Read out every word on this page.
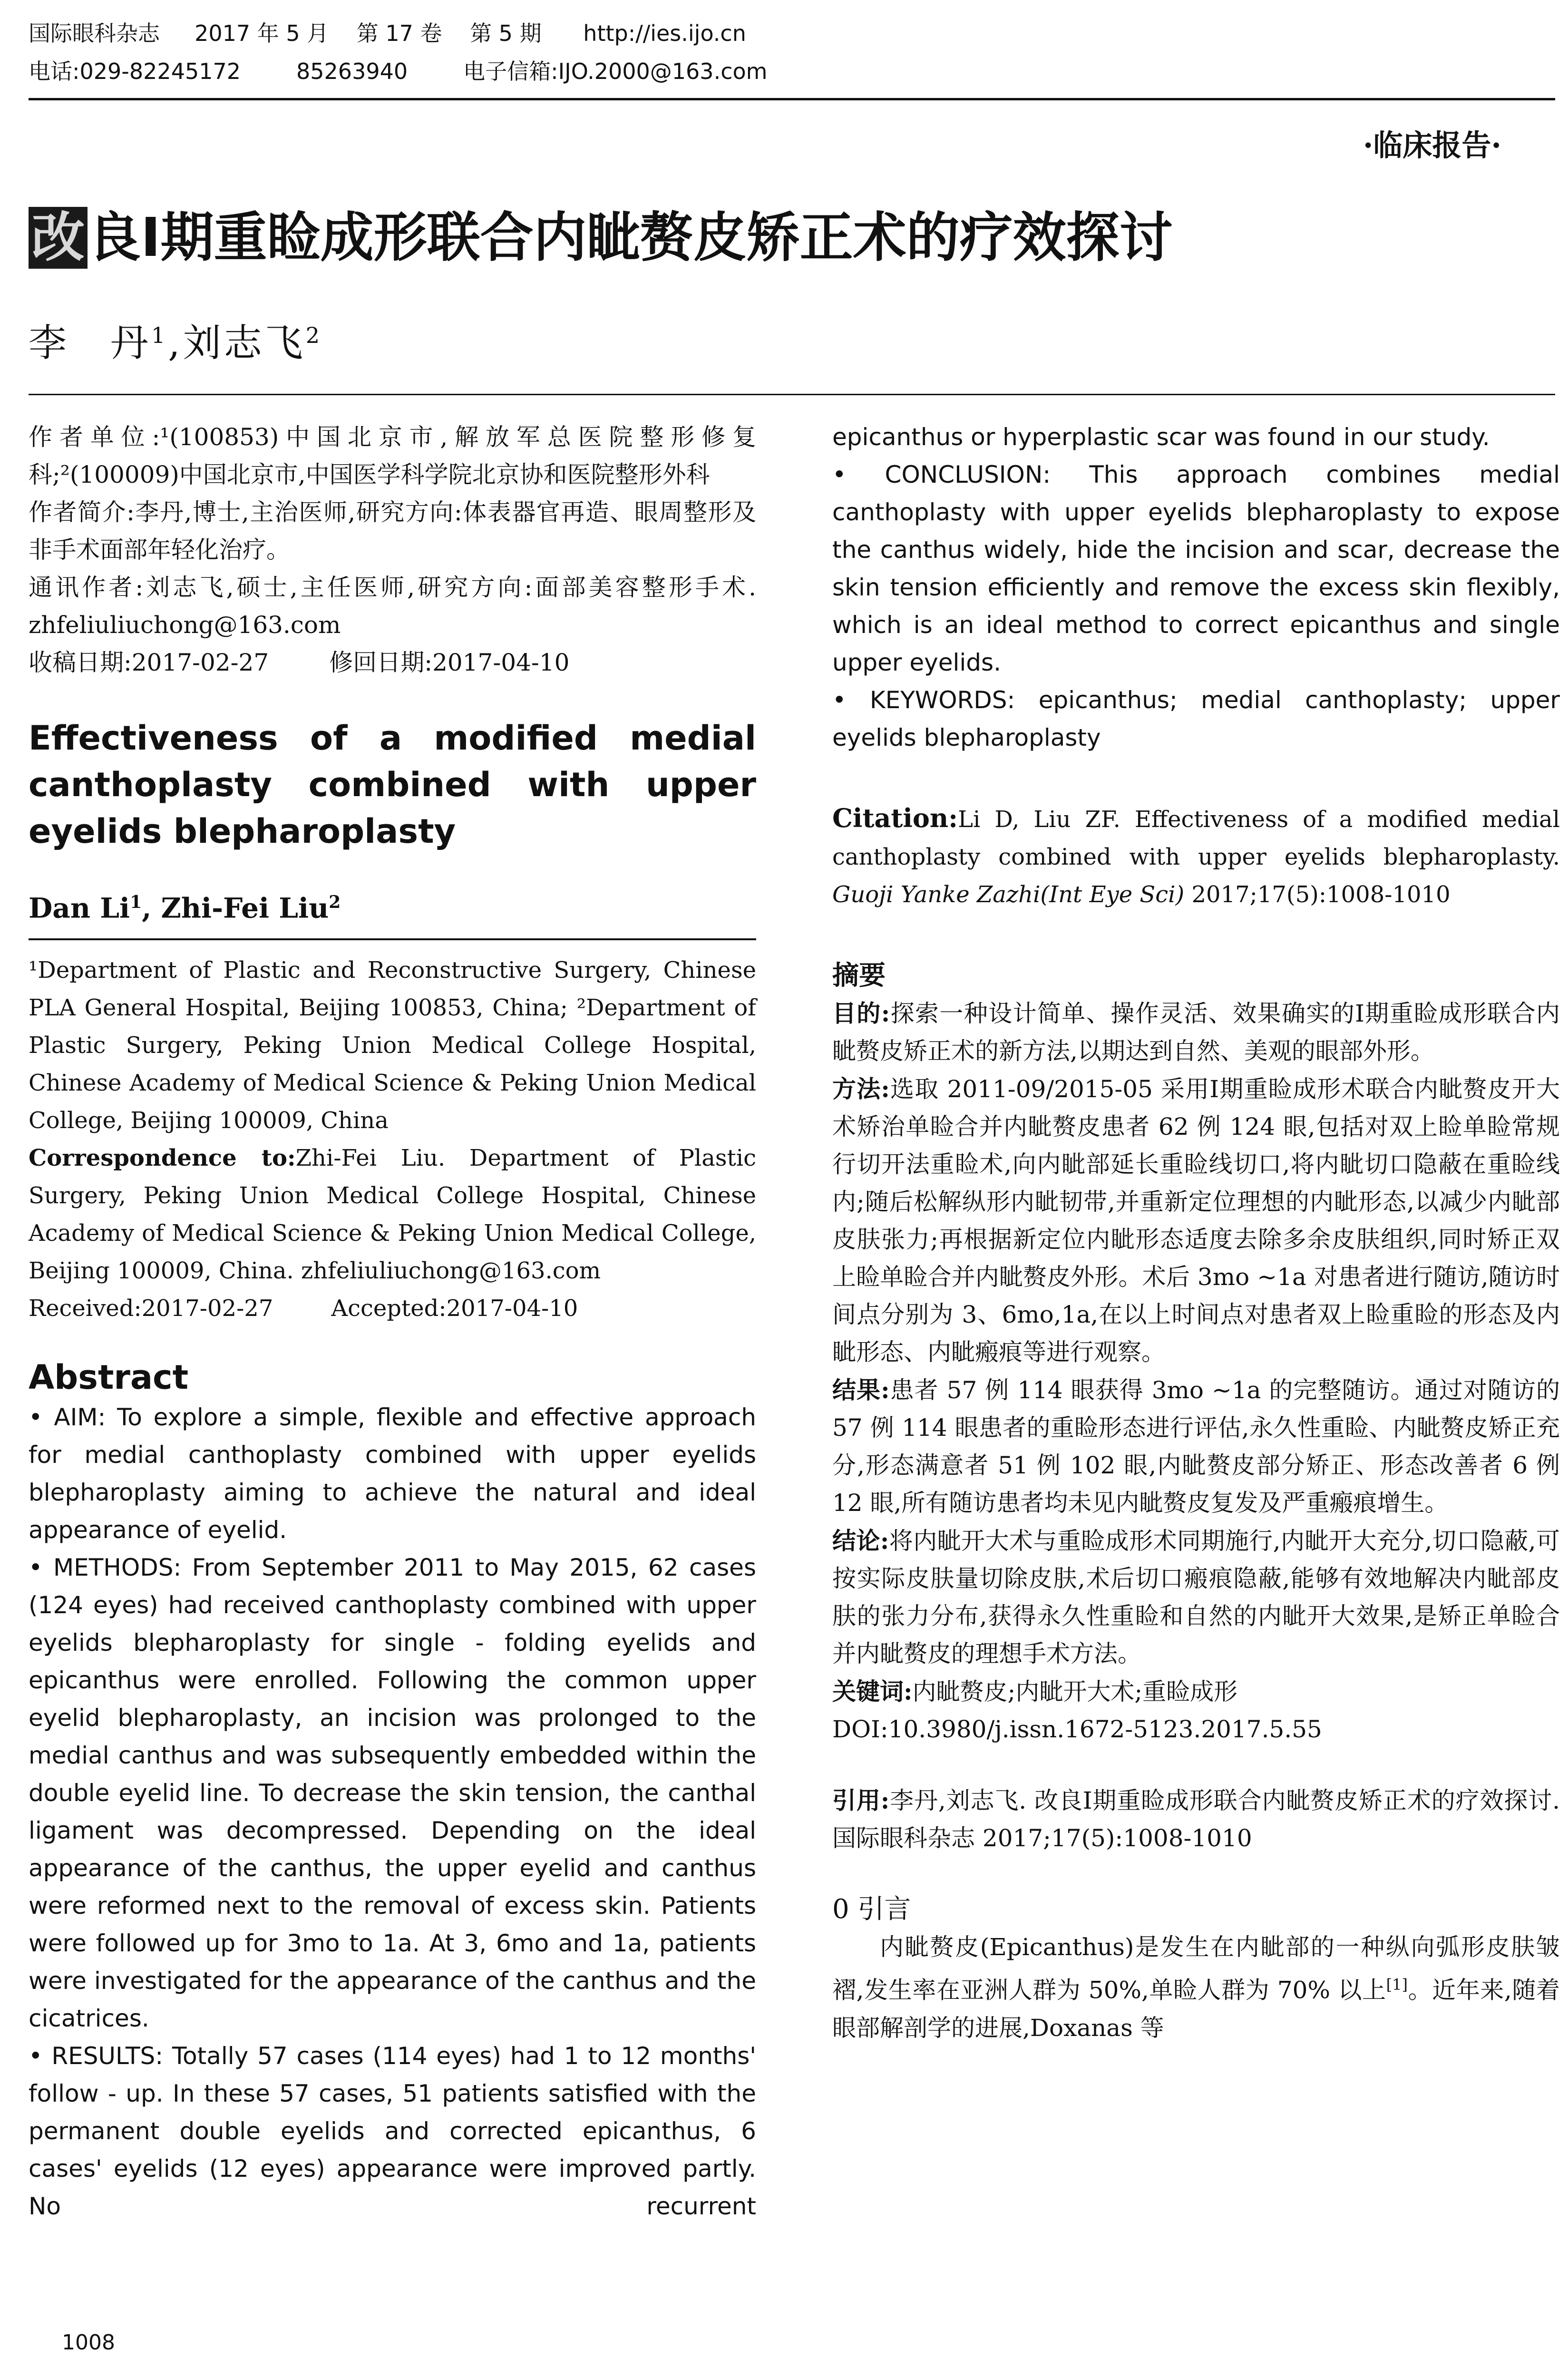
国际眼科杂志     2017 年 5 月    第 17 卷    第 5 期      http://ies.ijo.cn
电话:029-82245172        85263940        电子信箱:IJO.2000@163.com
·临床报告·
改良Ⅰ期重睑成形联合内眦赘皮矫正术的疗效探讨
李　丹$^1$,刘志飞$^2$

作者单位:¹(100853)中国北京市,解放军总医院整形修复科;²(100009)中国北京市,中国医学科学院北京协和医院整形外科

作者简介:李丹,博士,主治医师,研究方向:体表器官再造、眼周整形及非手术面部年轻化治疗。

通讯作者:刘志飞,硕士,主任医师,研究方向:面部美容整形手术. zhfeliuliuchong@163.com

收稿日期:2017-02-27        修回日期:2017-04-10

Effectiveness of a modified medial
canthoplasty combined with upper
eyelids blepharoplasty

Dan Li$^1$, Zhi-Fei Liu$^2$

¹Department of Plastic and Reconstructive Surgery, Chinese PLA General Hospital, Beijing 100853, China; ²Department of Plastic Surgery, Peking Union Medical College Hospital, Chinese Academy of Medical Science & Peking Union Medical College, Beijing 100009, China

Correspondence to:Zhi-Fei Liu. Department of Plastic Surgery, Peking Union Medical College Hospital, Chinese Academy of Medical Science & Peking Union Medical College, Beijing 100009, China. zhfeliuliuchong@163.com

Received:2017-02-27        Accepted:2017-04-10

Abstract

• AIM: To explore a simple, flexible and effective approach for medial canthoplasty combined with upper eyelids blepharoplasty aiming to achieve the natural and ideal appearance of eyelid.

• METHODS: From September 2011 to May 2015, 62 cases (124 eyes) had received canthoplasty combined with upper eyelids blepharoplasty for single - folding eyelids and epicanthus were enrolled. Following the common upper eyelid blepharoplasty, an incision was prolonged to the medial canthus and was subsequently embedded within the double eyelid line. To decrease the skin tension, the canthal ligament was decompressed. Depending on the ideal appearance of the canthus, the upper eyelid and canthus were reformed next to the removal of excess skin. Patients were followed up for 3mo to 1a. At 3, 6mo and 1a, patients were investigated for the appearance of the canthus and the cicatrices.

• RESULTS: Totally 57 cases (114 eyes) had 1 to 12 months' follow - up. In these 57 cases, 51 patients satisfied with the permanent double eyelids and corrected epicanthus, 6 cases' eyelids (12 eyes) appearance were improved partly. No recurrent

1008

epicanthus or hyperplastic scar was found in our study.

• CONCLUSION: This approach combines medial canthoplasty with upper eyelids blepharoplasty to expose the canthus widely, hide the incision and scar, decrease the skin tension efficiently and remove the excess skin flexibly, which is an ideal method to correct epicanthus and single upper eyelids.

• KEYWORDS: epicanthus; medial canthoplasty; upper eyelids blepharoplasty

Citation:Li D, Liu ZF. Effectiveness of a modified medial canthoplasty combined with upper eyelids blepharoplasty. Guoji Yanke Zazhi(Int Eye Sci) 2017;17(5):1008-1010

摘要

目的:探索一种设计简单、操作灵活、效果确实的Ⅰ期重睑成形联合内眦赘皮矫正术的新方法,以期达到自然、美观的眼部外形。

方法:选取 2011-09/2015-05 采用Ⅰ期重睑成形术联合内眦赘皮开大术矫治单睑合并内眦赘皮患者 62 例 124 眼,包括对双上睑单睑常规行切开法重睑术,向内眦部延长重睑线切口,将内眦切口隐蔽在重睑线内;随后松解纵形内眦韧带,并重新定位理想的内眦形态,以减少内眦部皮肤张力;再根据新定位内眦形态适度去除多余皮肤组织,同时矫正双上睑单睑合并内眦赘皮外形。术后 3mo ~1a 对患者进行随访,随访时间点分别为 3、6mo,1a,在以上时间点对患者双上睑重睑的形态及内眦形态、内眦瘢痕等进行观察。

结果:患者 57 例 114 眼获得 3mo ~1a 的完整随访。通过对随访的 57 例 114 眼患者的重睑形态进行评估,永久性重睑、内眦赘皮矫正充分,形态满意者 51 例 102 眼,内眦赘皮部分矫正、形态改善者 6 例 12 眼,所有随访患者均未见内眦赘皮复发及严重瘢痕增生。

结论:将内眦开大术与重睑成形术同期施行,内眦开大充分,切口隐蔽,可按实际皮肤量切除皮肤,术后切口瘢痕隐蔽,能够有效地解决内眦部皮肤的张力分布,获得永久性重睑和自然的内眦开大效果,是矫正单睑合并内眦赘皮的理想手术方法。

关键词:内眦赘皮;内眦开大术;重睑成形

DOI:10.3980/j.issn.1672-5123.2017.5.55

引用:李丹,刘志飞. 改良Ⅰ期重睑成形联合内眦赘皮矫正术的疗效探讨. 国际眼科杂志 2017;17(5):1008-1010

0 引言

内眦赘皮(Epicanthus)是发生在内眦部的一种纵向弧形皮肤皱褶,发生率在亚洲人群为 50%,单睑人群为 70% 以上[1]。近年来,随着眼部解剖学的进展,Doxanas 等
